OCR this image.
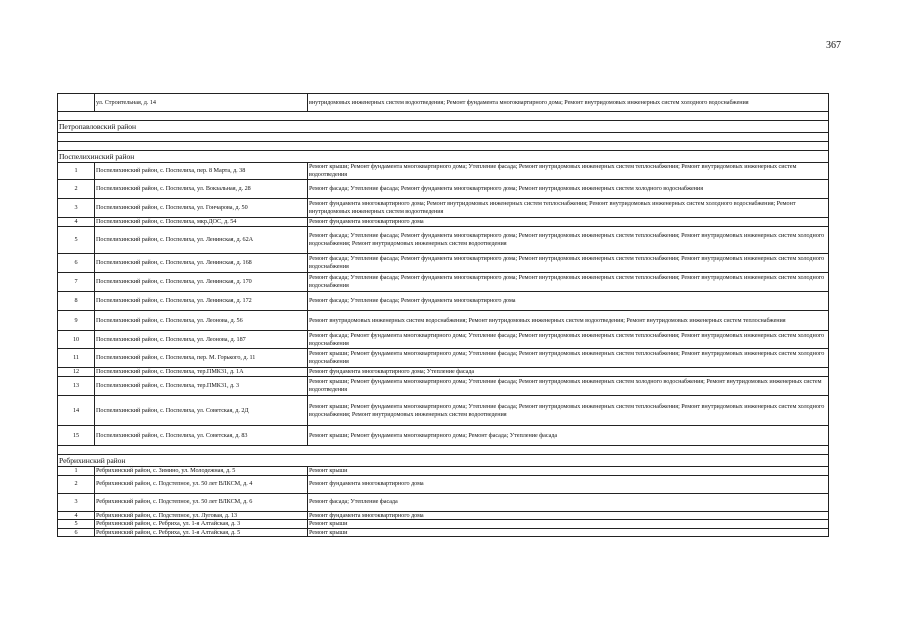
367
	ул. Строительная, д. 14	внутридомовых инженерных систем водоотведения; Ремонт фундамента многоквартирного дома; Ремонт внутридомовых инженерных систем холодного водоснабжения

Петропавловский район		

Поспелихинский район		
1	Поспелихинский район, с. Поспелиха, пер. 8 Марта, д. 38	Ремонт крыши; Ремонт фундамента многоквартирного дома; Утепление фасада; Ремонт внутридомовых инженерных систем теплоснабжения; Ремонт внутридомовых инженерных систем водоотведения
2	Поспелихинский район, с. Поспелиха, ул. Вокзальная, д. 28	Ремонт фасада; Утепление фасада; Ремонт фундамента многоквартирного дома; Ремонт внутридомовых инженерных систем холодного водоснабжения
3	Поспелихинский район, с. Поспелиха, ул. Гончарова, д. 50	Ремонт фундамента многоквартирного дома; Ремонт внутридомовых инженерных систем теплоснабжения; Ремонт внутридомовых инженерных систем холодного водоснабжения; Ремонт внутридомовых инженерных систем водоотведения
4	Поспелихинский район, с. Поспелиха, мкр.ДОС, д. 54	Ремонт фундамента многоквартирного дома
5	Поспелихинский район, с. Поспелиха, ул. Ленинская, д. 62А	Ремонт фасада; Утепление фасада; Ремонт фундамента многоквартирного дома; Ремонт внутридомовых инженерных систем теплоснабжения; Ремонт внутридомовых инженерных систем холодного водоснабжения; Ремонт внутридомовых инженерных систем водоотведения
6	Поспелихинский район, с. Поспелиха, ул. Ленинская, д. 168	Ремонт фасада; Утепление фасада; Ремонт фундамента многоквартирного дома; Ремонт внутридомовых инженерных систем теплоснабжения; Ремонт внутридомовых инженерных систем холодного водоснабжения
7	Поспелихинский район, с. Поспелиха, ул. Ленинская, д. 170	Ремонт фасада; Утепление фасада; Ремонт фундамента многоквартирного дома; Ремонт внутридомовых инженерных систем теплоснабжения; Ремонт внутридомовых инженерных систем холодного водоснабжения
8	Поспелихинский район, с. Поспелиха, ул. Ленинская, д. 172	Ремонт фасада; Утепление фасада; Ремонт фундамента многоквартирного дома
9	Поспелихинский район, с. Поспелиха, ул. Леонова, д. 56	Ремонт внутридомовых инженерных систем водоснабжения; Ремонт внутридомовых инженерных систем водоотведения; Ремонт внутридомовых инженерных систем теплоснабжения
10	Поспелихинский район, с. Поспелиха, ул. Леонова, д. 187	Ремонт фасада; Ремонт фундамента многоквартирного дома; Утепление фасада; Ремонт внутридомовых инженерных систем теплоснабжения; Ремонт внутридомовых инженерных систем холодного водоснабжения
11	Поспелихинский район, с. Поспелиха, пер. М. Горького, д. 11	Ремонт крыши; Ремонт фундамента многоквартирного дома; Утепление фасада; Ремонт внутридомовых инженерных систем теплоснабжения; Ремонт внутридомовых инженерных систем холодного водоснабжения
12	Поспелихинский район, с. Поспелиха, тер.ПМК31, д. 1А	Ремонт фундамента многоквартирного дома; Утепление фасада
13	Поспелихинский район, с. Поспелиха, тер.ПМК31, д. 3	Ремонт крыши; Ремонт фундамента многоквартирного дома; Утепление фасада; Ремонт внутридомовых инженерных систем холодного водоснабжения; Ремонт внутридомовых инженерных систем водоотведения
14	Поспелихинский район, с. Поспелиха, ул. Советская, д. 2Д	Ремонт крыши; Ремонт фундамента многоквартирного дома; Утепление фасада; Ремонт внутридомовых инженерных систем теплоснабжения; Ремонт внутридомовых инженерных систем холодного водоснабжения; Ремонт внутридомовых инженерных систем водоотведения
15	Поспелихинский район, с. Поспелиха, ул. Советская, д. 83	Ремонт крыши; Ремонт фундамента многоквартирного дома; Ремонт фасада; Утепление фасада

Ребрихинский район		
1	Ребрихинский район, с. Зимино, ул. Молодежная, д. 5	Ремонт крыши
2	Ребрихинский район, с. Подстепное, ул. 50 лет ВЛКСМ, д. 4	Ремонт фундамента многоквартирного дома
3	Ребрихинский район, с. Подстепное, ул. 50 лет ВЛКСМ, д. 6	Ремонт фасада; Утепление фасада
4	Ребрихинский район, с. Подстепное, ул. Луговая, д. 13	Ремонт фундамента многоквартирного дома
5	Ребрихинский район, с. Ребриха, ул. 1-я Алтайская, д. 3	Ремонт крыши
6	Ребрихинский район, с. Ребриха, ул. 1-я Алтайская, д. 5	Ремонт крыши
